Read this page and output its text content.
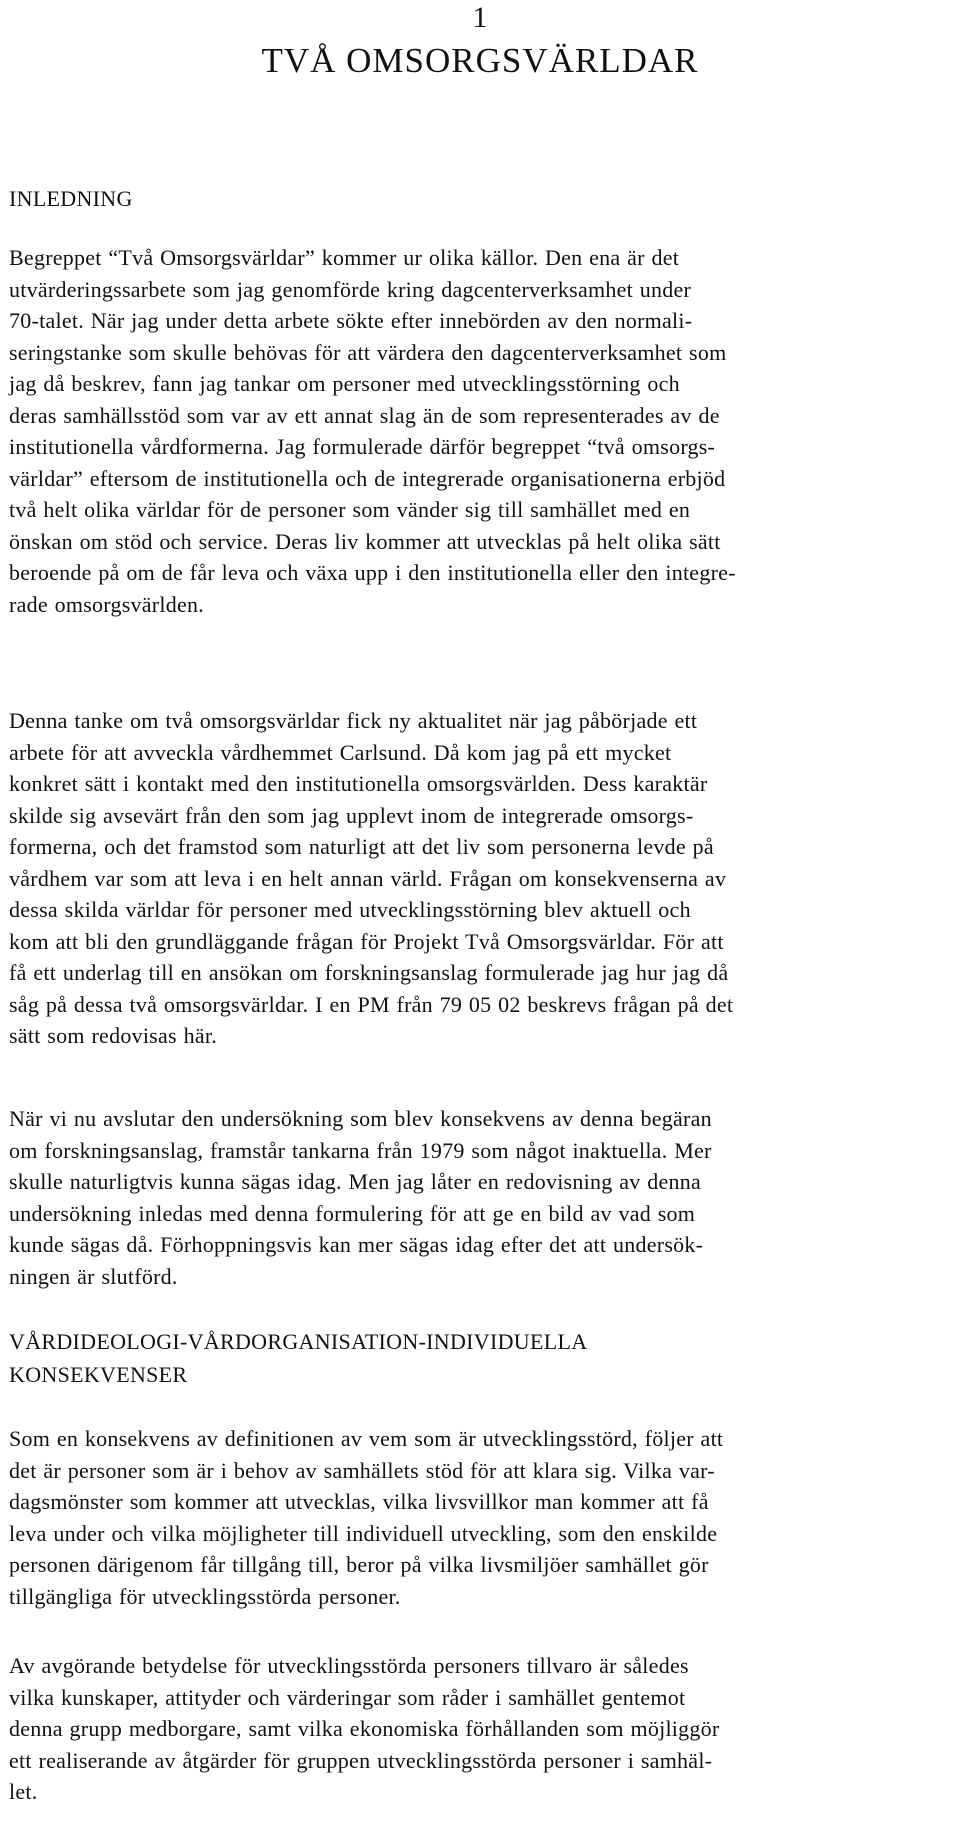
1
TVÅ OMSORGSVÄRLDAR
INLEDNING
Begreppet “Två Omsorgsvärldar” kommer ur olika källor. Den ena är det
utvärderingssarbete som jag genomförde kring dagcenterverksamhet under
70-talet. När jag under detta arbete sökte efter innebörden av den normali-
seringstanke som skulle behövas för att värdera den dagcenterverksamhet som
jag då beskrev, fann jag tankar om personer med utvecklingsstörning och
deras samhällsstöd som var av ett annat slag än de som representerades av de
institutionella vårdformerna. Jag formulerade därför begreppet “två omsorgs-
världar” eftersom de institutionella och de integrerade organisationerna erbjöd
två helt olika världar för de personer som vänder sig till samhället med en
önskan om stöd och service. Deras liv kommer att utvecklas på helt olika sätt
beroende på om de får leva och växa upp i den institutionella eller den integre-
rade omsorgsvärlden.
Denna tanke om två omsorgsvärldar fick ny aktualitet när jag påbörjade ett
arbete för att avveckla vårdhemmet Carlsund. Då kom jag på ett mycket
konkret sätt i kontakt med den institutionella omsorgsvärlden. Dess karaktär
skilde sig avsevärt från den som jag upplevt inom de integrerade omsorgs-
formerna, och det framstod som naturligt att det liv som personerna levde på
vårdhem var som att leva i en helt annan värld. Frågan om konsekvenserna av
dessa skilda världar för personer med utvecklingsstörning blev aktuell och
kom att bli den grundläggande frågan för Projekt Två Omsorgsvärldar. För att
få ett underlag till en ansökan om forskningsanslag formulerade jag hur jag då
såg på dessa två omsorgsvärldar. I en PM från 79 05 02 beskrevs frågan på det
sätt som redovisas här.
När vi nu avslutar den undersökning som blev konsekvens av denna begäran
om forskningsanslag, framstår tankarna från 1979 som något inaktuella. Mer
skulle naturligtvis kunna sägas idag. Men jag låter en redovisning av denna
undersökning inledas med denna formulering för att ge en bild av vad som
kunde sägas då. Förhoppningsvis kan mer sägas idag efter det att undersök-
ningen är slutförd.
VÅRDIDEOLOGI-VÅRDORGANISATION-INDIVIDUELLA
KONSEKVENSER
Som en konsekvens av definitionen av vem som är utvecklingsstörd, följer att
det är personer som är i behov av samhällets stöd för att klara sig. Vilka var-
dagsmönster som kommer att utvecklas, vilka livsvillkor man kommer att få
leva under och vilka möjligheter till individuell utveckling, som den enskilde
personen därigenom får tillgång till, beror på vilka livsmiljöer samhället gör
tillgängliga för utvecklingsstörda personer.
Av avgörande betydelse för utvecklingsstörda personers tillvaro är således
vilka kunskaper, attityder och värderingar som råder i samhället gentemot
denna grupp medborgare, samt vilka ekonomiska förhållanden som möjliggör
ett realiserande av åtgärder för gruppen utvecklingsstörda personer i samhäl-
let.
